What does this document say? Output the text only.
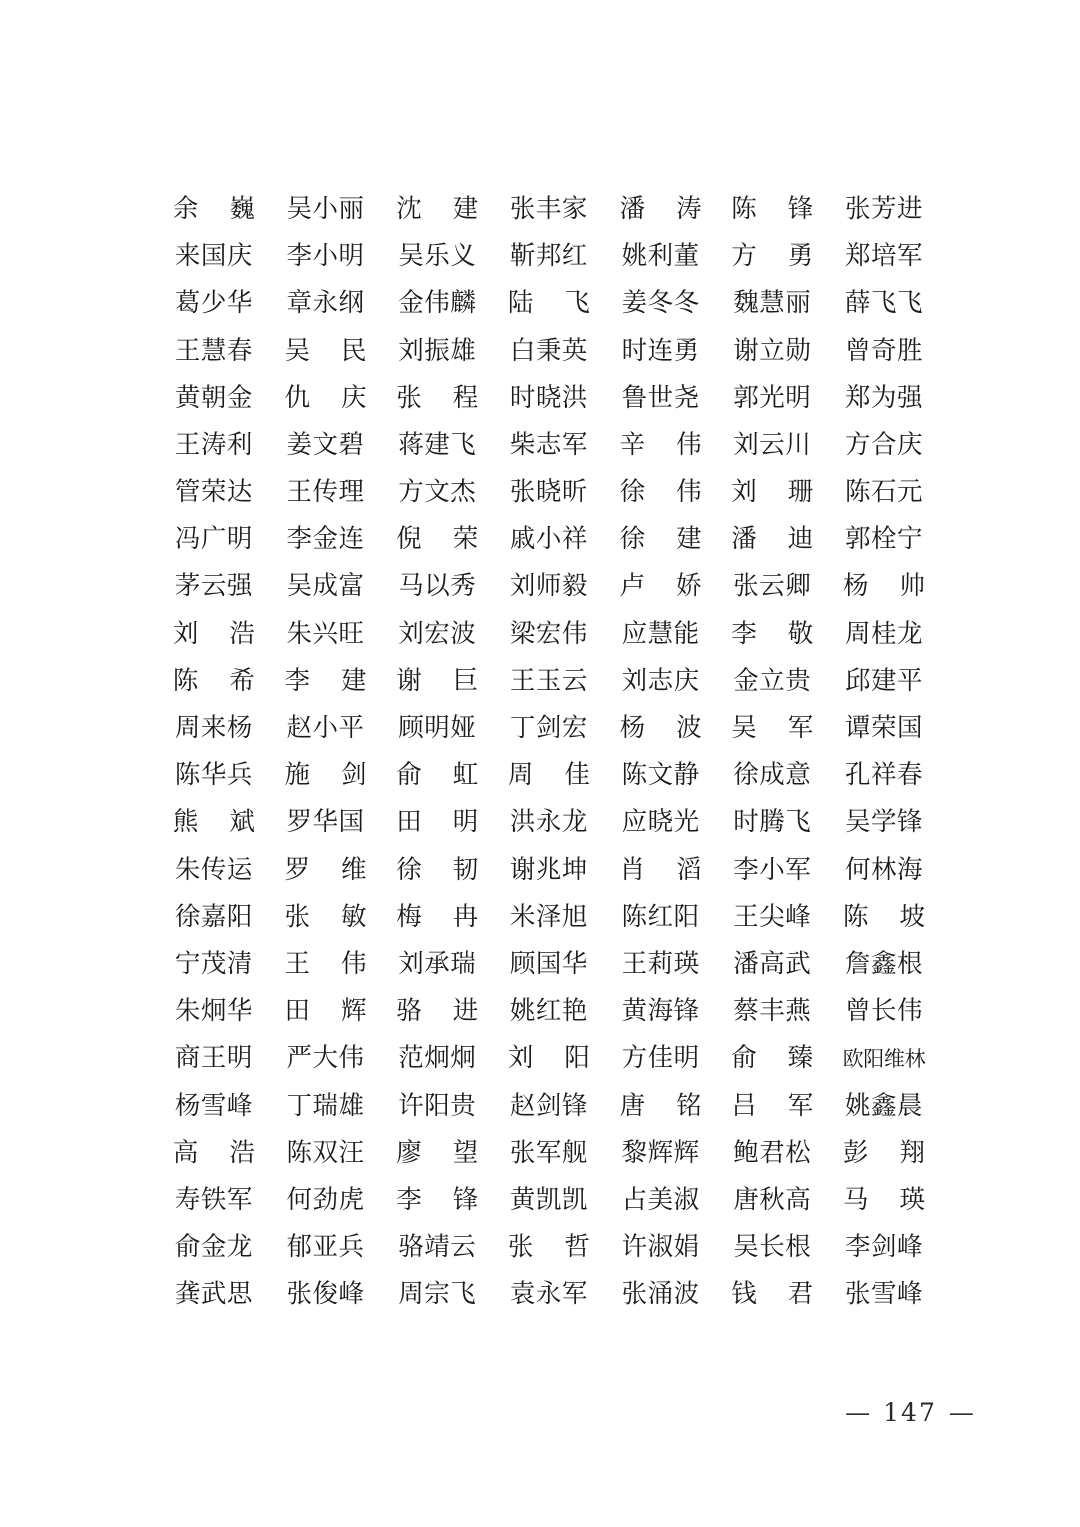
余 巍 吴小丽 沈 建 张丰家 潘 涛 陈 锋 张芳进
来国庆 李小明 吴乐义 靳邦红 姚利董 方 勇 郑培军
葛少华 章永纲 金伟麟 陆 飞 姜冬冬 魏慧丽 薛飞飞
王慧春 吴 民 刘振雄 白秉英 时连勇 谢立勋 曾奇胜
黄朝金 仇 庆 张 程 时晓洪 鲁世尧 郭光明 郑为强
王涛利 姜文碧 蒋建飞 柴志军 辛 伟 刘云川 方合庆
管荣达 王传理 方文杰 张晓昕 徐 伟 刘 珊 陈石元
冯广明 李金连 倪 荣 戚小祥 徐 建 潘 迪 郭栓宁
茅云强 吴成富 马以秀 刘师毅 卢 娇 张云卿 杨 帅
刘 浩 朱兴旺 刘宏波 梁宏伟 应慧能 李 敬 周桂龙
陈 希 李 建 谢 巨 王玉云 刘志庆 金立贵 邱建平
周来杨 赵小平 顾明娅 丁剑宏 杨 波 吴 军 谭荣国
陈华兵 施 剑 俞 虹 周 佳 陈文静 徐成意 孔祥春
熊 斌 罗华国 田 明 洪永龙 应晓光 时腾飞 吴学锋
朱传运 罗 维 徐 韧 谢兆坤 肖 滔 李小军 何林海
徐嘉阳 张 敏 梅 冉 米泽旭 陈红阳 王尖峰 陈 坡
宁茂清 王 伟 刘承瑞 顾国华 王莉瑛 潘高武 詹鑫根
朱炯华 田 辉 骆 进 姚红艳 黄海锋 蔡丰燕 曾长伟
商王明 严大伟 范炯炯 刘 阳 方佳明 俞 臻 欧阳维林
杨雪峰 丁瑞雄 许阳贵 赵剑锋 唐 铭 吕 军 姚鑫晨
高 浩 陈双汪 廖 望 张军舰 黎辉辉 鲍君松 彭 翔
寿铁军 何劲虎 李 锋 黄凯凯 占美淑 唐秋高 马 瑛
俞金龙 郁亚兵 骆靖云 张 哲 许淑娟 吴长根 李剑峰
龚武思 张俊峰 周宗飞 袁永军 张涌波 钱 君 张雪峰
— 147 —
